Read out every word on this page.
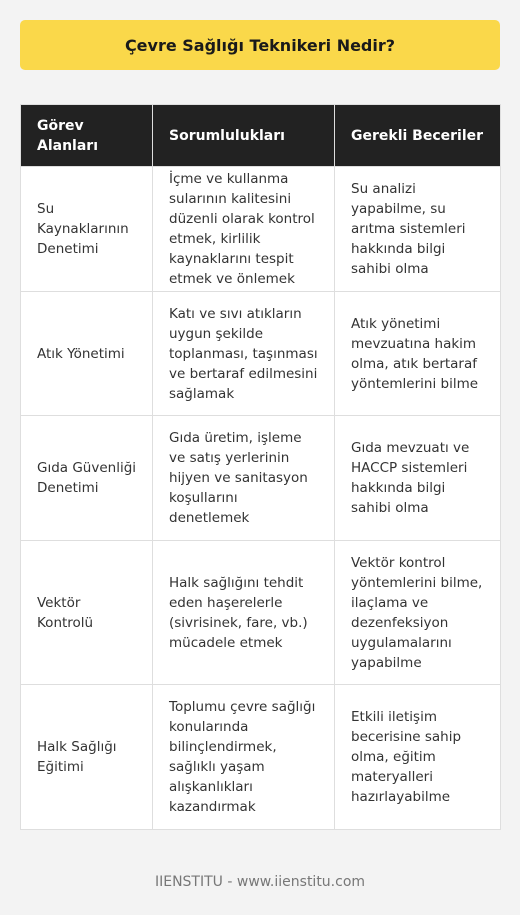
Çevre Sağlığı Teknikeri Nedir?
Görev Alanları	Sorumlulukları	Gerekli Beceriler
Su Kaynaklarının Denetimi	İçme ve kullanma sularının kalitesini düzenli olarak kontrol etmek, kirlilik kaynaklarını tespit etmek ve önlemek	Su analizi yapabilme, su arıtma sistemleri hakkında bilgi sahibi olma
Atık Yönetimi	Katı ve sıvı atıkların uygun şekilde toplanması, taşınması ve bertaraf edilmesini sağlamak	Atık yönetimi mevzuatına hakim olma, atık bertaraf yöntemlerini bilme
Gıda Güvenliği Denetimi	Gıda üretim, işleme ve satış yerlerinin hijyen ve sanitasyon koşullarını denetlemek	Gıda mevzuatı ve HACCP sistemleri hakkında bilgi sahibi olma
Vektör Kontrolü	Halk sağlığını tehdit eden haşerelerle (sivrisinek, fare, vb.) mücadele etmek	Vektör kontrol yöntemlerini bilme, ilaçlama ve dezenfeksiyon uygulamalarını yapabilme
Halk Sağlığı Eğitimi	Toplumu çevre sağlığı konularında bilinçlendirmek, sağlıklı yaşam alışkanlıkları kazandırmak	Etkili iletişim becerisine sahip olma, eğitim materyalleri hazırlayabilme
IIENSTITU - www.iienstitu.com
